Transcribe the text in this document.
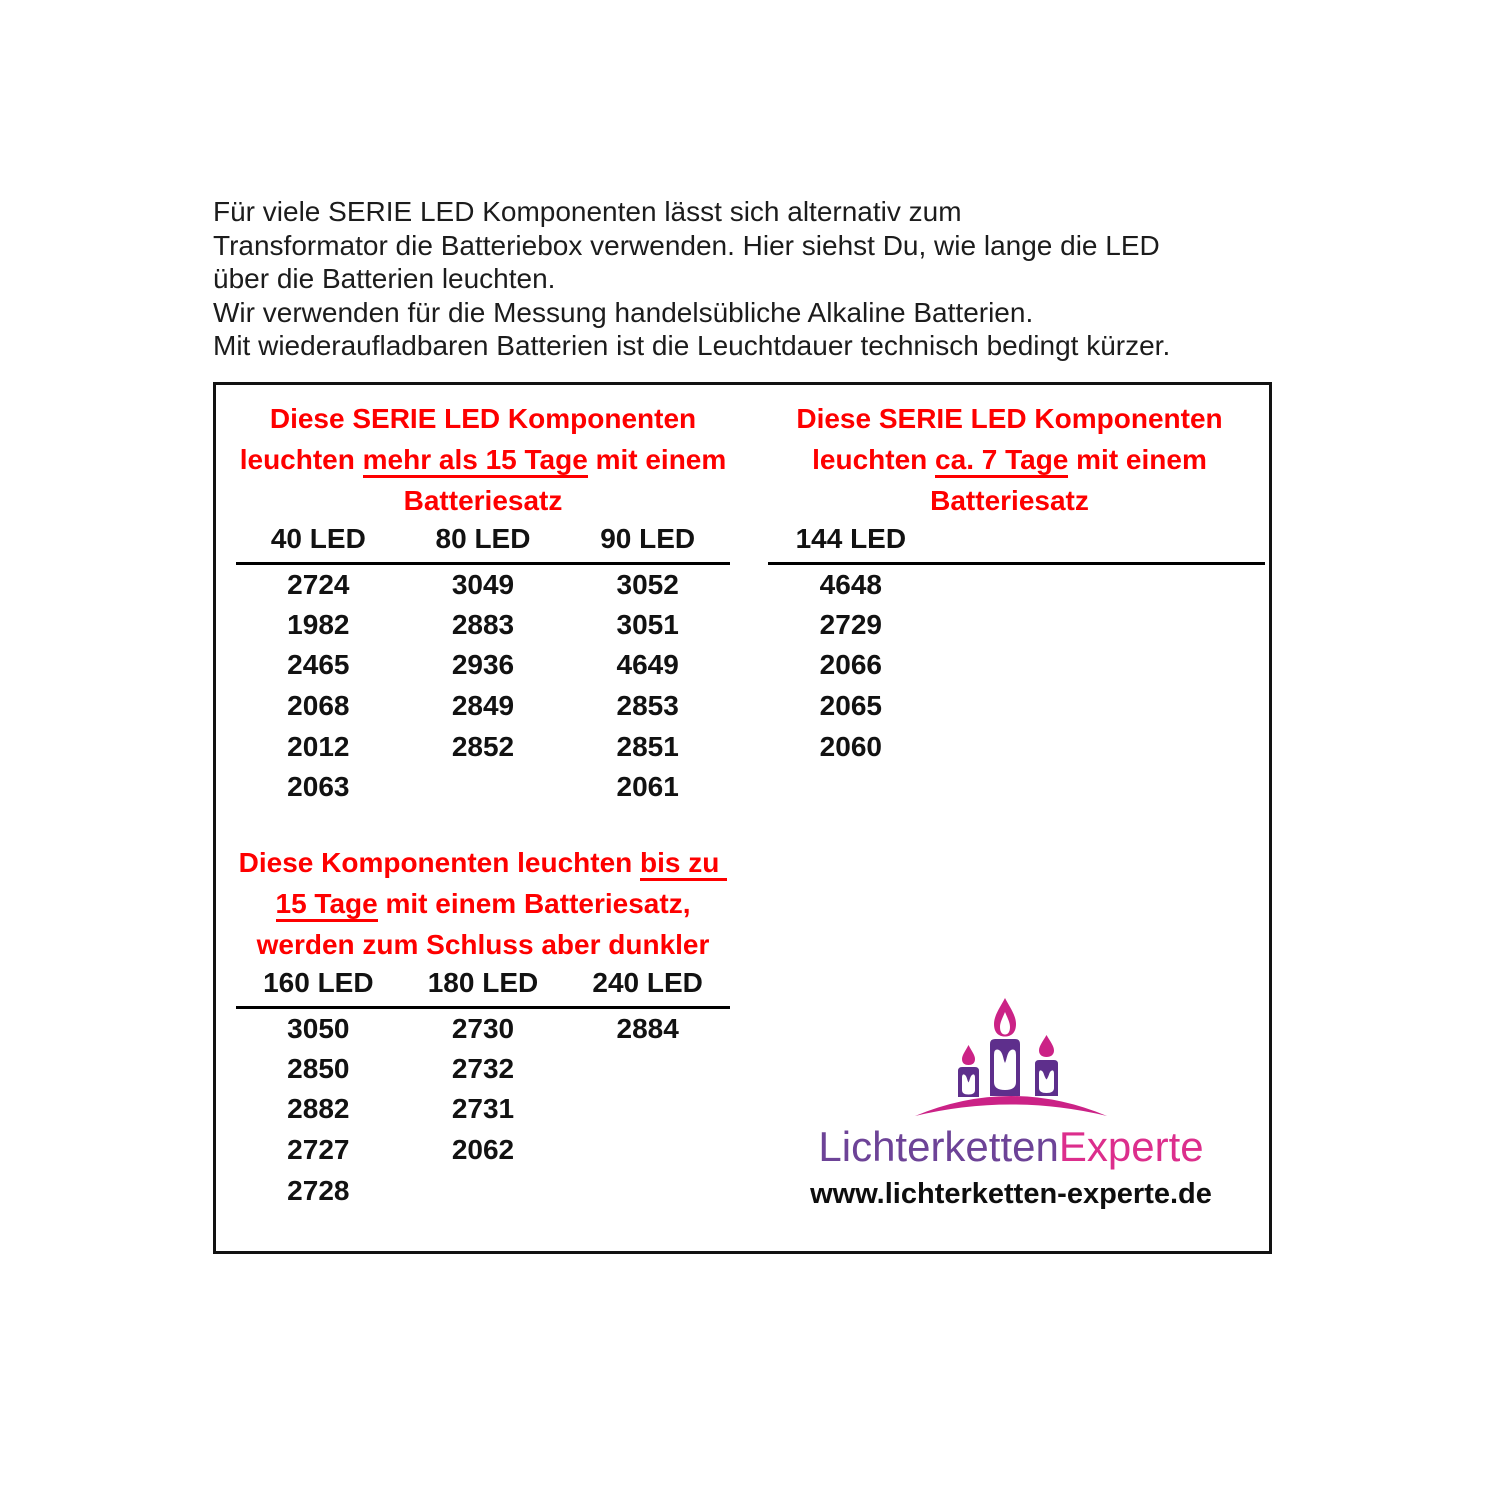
Für viele SERIE LED Komponenten lässt sich alternativ zum
Transformator die Batteriebox verwenden. Hier siehst Du, wie lange die LED
über die Batterien leuchten.
Wir verwenden für die Messung handelsübliche Alkaline Batterien.
Mit wiederaufladbaren Batterien ist die Leuchtdauer technisch bedingt kürzer.
Diese SERIE LED Komponenten
leuchten mehr als 15 Tage mit einem
Batteriesatz
40 LED	80 LED	90 LED
2724	3049	3052
1982	2883	3051
2465	2936	4649
2068	2849	2853
2012	2852	2851
2063		2061
Diese SERIE LED Komponenten
leuchten ca. 7 Tage mit einem
Batteriesatz
144 LED		
4648		
2729		
2066		
2065		
2060		
Diese Komponenten leuchten bis zu
15 Tage mit einem Batteriesatz,
werden zum Schluss aber dunkler
160 LED	180 LED	240 LED
3050	2730	2884
2850	2732	
2882	2731	
2727	2062	
2728		
LichterkettenExperte
www.lichterketten-experte.de
